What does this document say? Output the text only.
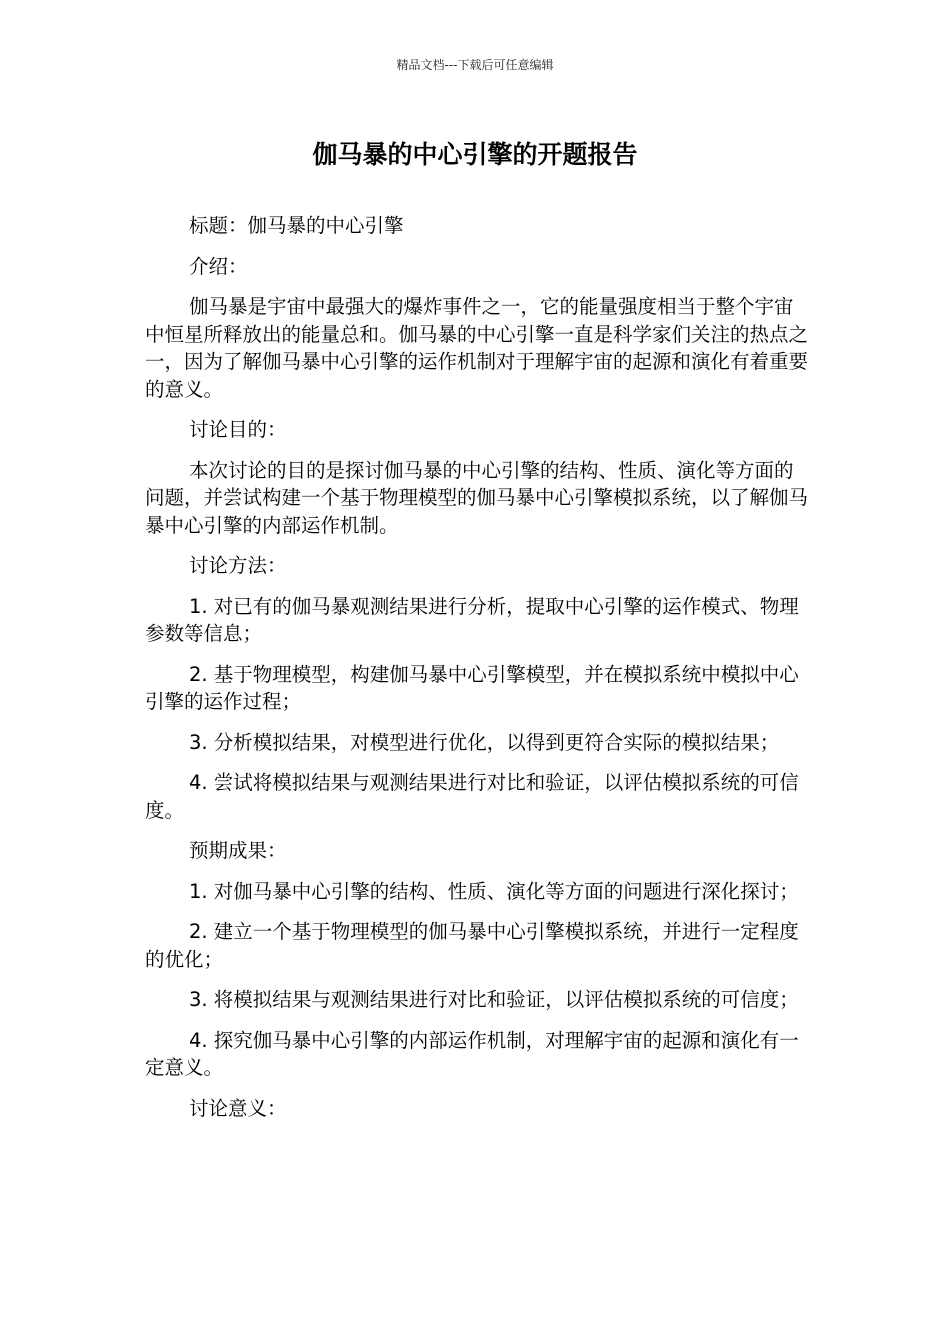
精品文档---下载后可任意编辑
伽马暴的中心引擎的开题报告

标题：伽马暴的中心引擎

介绍：

伽马暴是宇宙中最强大的爆炸事件之一，它的能量强度相当于整个宇宙中恒星所释放出的能量总和。伽马暴的中心引擎一直是科学家们关注的热点之一，因为了解伽马暴中心引擎的运作机制对于理解宇宙的起源和演化有着重要的意义。

讨论目的：

本次讨论的目的是探讨伽马暴的中心引擎的结构、性质、演化等方面的问题，并尝试构建一个基于物理模型的伽马暴中心引擎模拟系统，以了解伽马暴中心引擎的内部运作机制。

讨论方法：

1. 对已有的伽马暴观测结果进行分析，提取中心引擎的运作模式、物理参数等信息；

2. 基于物理模型，构建伽马暴中心引擎模型，并在模拟系统中模拟中心引擎的运作过程；

3. 分析模拟结果，对模型进行优化，以得到更符合实际的模拟结果；

4. 尝试将模拟结果与观测结果进行对比和验证，以评估模拟系统的可信度。

预期成果：

1. 对伽马暴中心引擎的结构、性质、演化等方面的问题进行深化探讨；

2. 建立一个基于物理模型的伽马暴中心引擎模拟系统，并进行一定程度的优化；

3. 将模拟结果与观测结果进行对比和验证，以评估模拟系统的可信度；

4. 探究伽马暴中心引擎的内部运作机制，对理解宇宙的起源和演化有一定意义。

讨论意义：
